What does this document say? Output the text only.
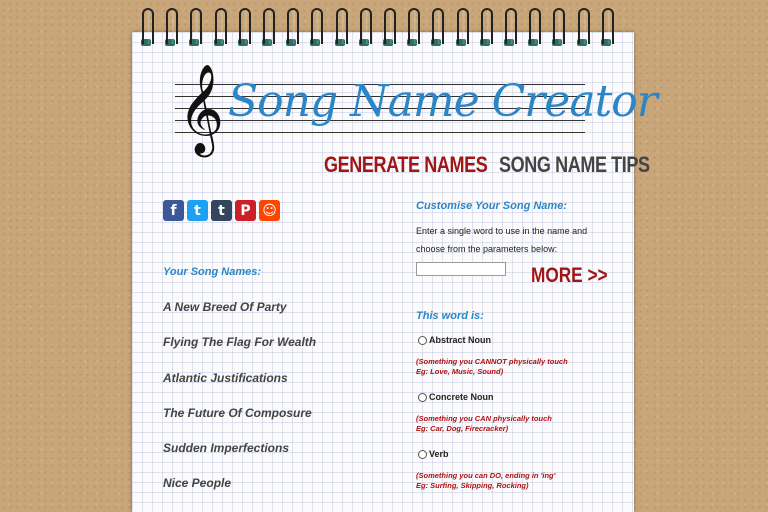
𝄞 Song Name Creator
GENERATE NAMES SONG NAME TIPS
f	t	t	P ☺
Your Song Names:
A New Breed Of Party
Flying The Flag For Wealth
Atlantic Justifications
The Future Of Composure
Sudden Imperfections
Nice People
Customise Your Song Name:
Enter a single word to use in the name and choose from the parameters below:
MORE >>
This word is:
Abstract Noun
(Something you CANNOT physically touch
Eg: Love, Music, Sound)
Concrete Noun
(Something you CAN physically touch
Eg: Car, Dog, Firecracker)
Verb
(Something you can DO, ending in 'ing'
Eg: Surfing, Skipping, Rocking)
